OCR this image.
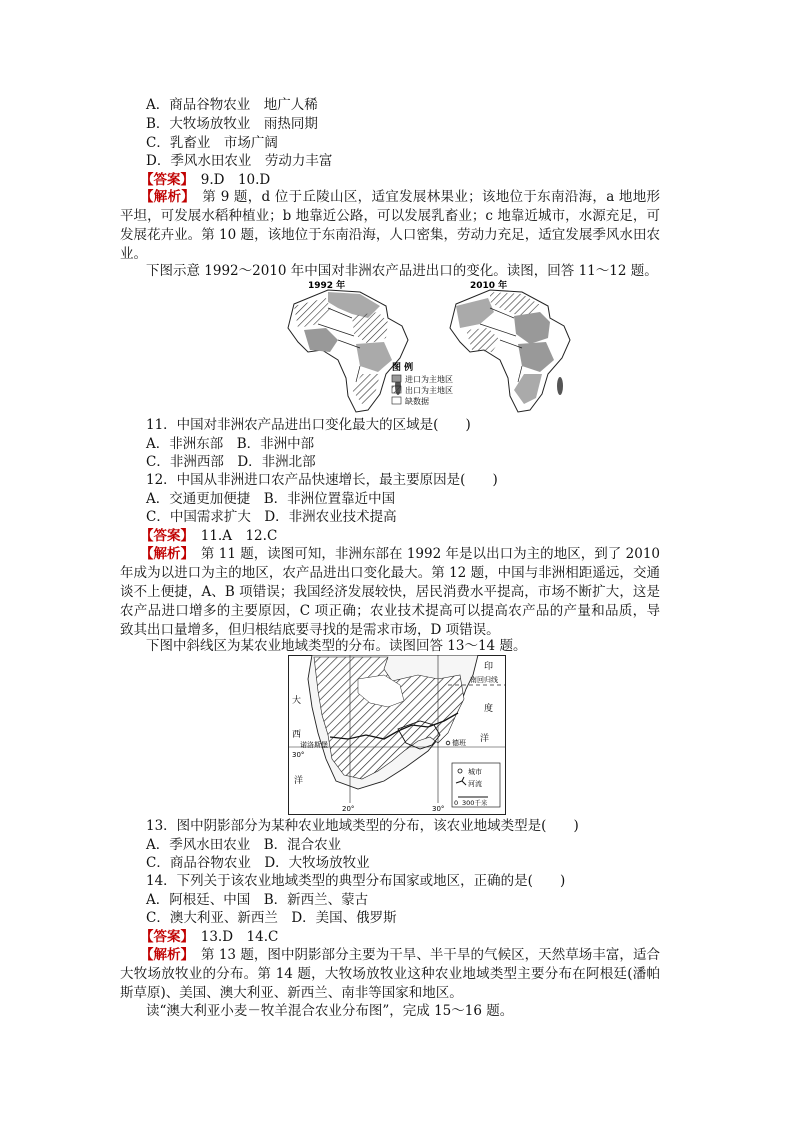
A．商品谷物农业　地广人稀
B．大牧场放牧业　雨热同期
C．乳畜业　市场广阔
D．季风水田农业　劳动力丰富
【答案】　9.D　10.D
【解析】　第 9 题，d 位于丘陵山区，适宜发展林果业；该地位于东南沿海，a 地地形平坦，可发展水稻种植业；b 地靠近公路，可以发展乳畜业；c 地靠近城市，水源充足，可发展花卉业。第 10 题，该地位于东南沿海，人口密集，劳动力充足，适宜发展季风水田农业。
下图示意 1992～2010 年中国对非洲农产品进出口的变化。读图，回答 11～12 题。
1992 年	2010 年
图 例
进口为主地区
出口为主地区
缺数据
11．中国对非洲农产品进出口变化最大的区域是(　　)
A．非洲东部　B．非洲中部
C．非洲西部　D．非洲北部
12．中国从非洲进口农产品快速增长，最主要原因是(　　)
A．交通更加便捷　B．非洲位置靠近中国
C．中国需求扩大　D．非洲农业技术提高
【答案】　11.A　12.C
【解析】　第 11 题，读图可知，非洲东部在 1992 年是以出口为主的地区，到了 2010 年成为以进口为主的地区，农产品进出口变化最大。第 12 题，中国与非洲相距遥远，交通谈不上便捷，A、B 项错误；我国经济发展较快，居民消费水平提高，市场不断扩大，这是农产品进口增多的主要原因，C 项正确；农业技术提高可以提高农产品的产量和品质，导致其出口量增多，但归根结底要寻找的是需求市场，D 项错误。
下图中斜线区为某农业地域类型的分布。读图回答 13～14 题。
南回归线
大
西
洋
印
度
洋
30°
诺洛斯堡	德班
20°	30°
城市
河流
0 300千米
13．图中阴影部分为某种农业地域类型的分布，该农业地域类型是(　　)
A．季风水田农业　B．混合农业
C．商品谷物农业　D．大牧场放牧业
14．下列关于该农业地域类型的典型分布国家或地区，正确的是(　　)
A．阿根廷、中国　B．新西兰、蒙古
C．澳大利亚、新西兰　D．美国、俄罗斯
【答案】　13.D　14.C
【解析】　第 13 题，图中阴影部分主要为干旱、半干旱的气候区，天然草场丰富，适合大牧场放牧业的分布。第 14 题，大牧场放牧业这种农业地域类型主要分布在阿根廷(潘帕斯草原)、美国、澳大利亚、新西兰、南非等国家和地区。
读“澳大利亚小麦－牧羊混合农业分布图”，完成 15～16 题。
